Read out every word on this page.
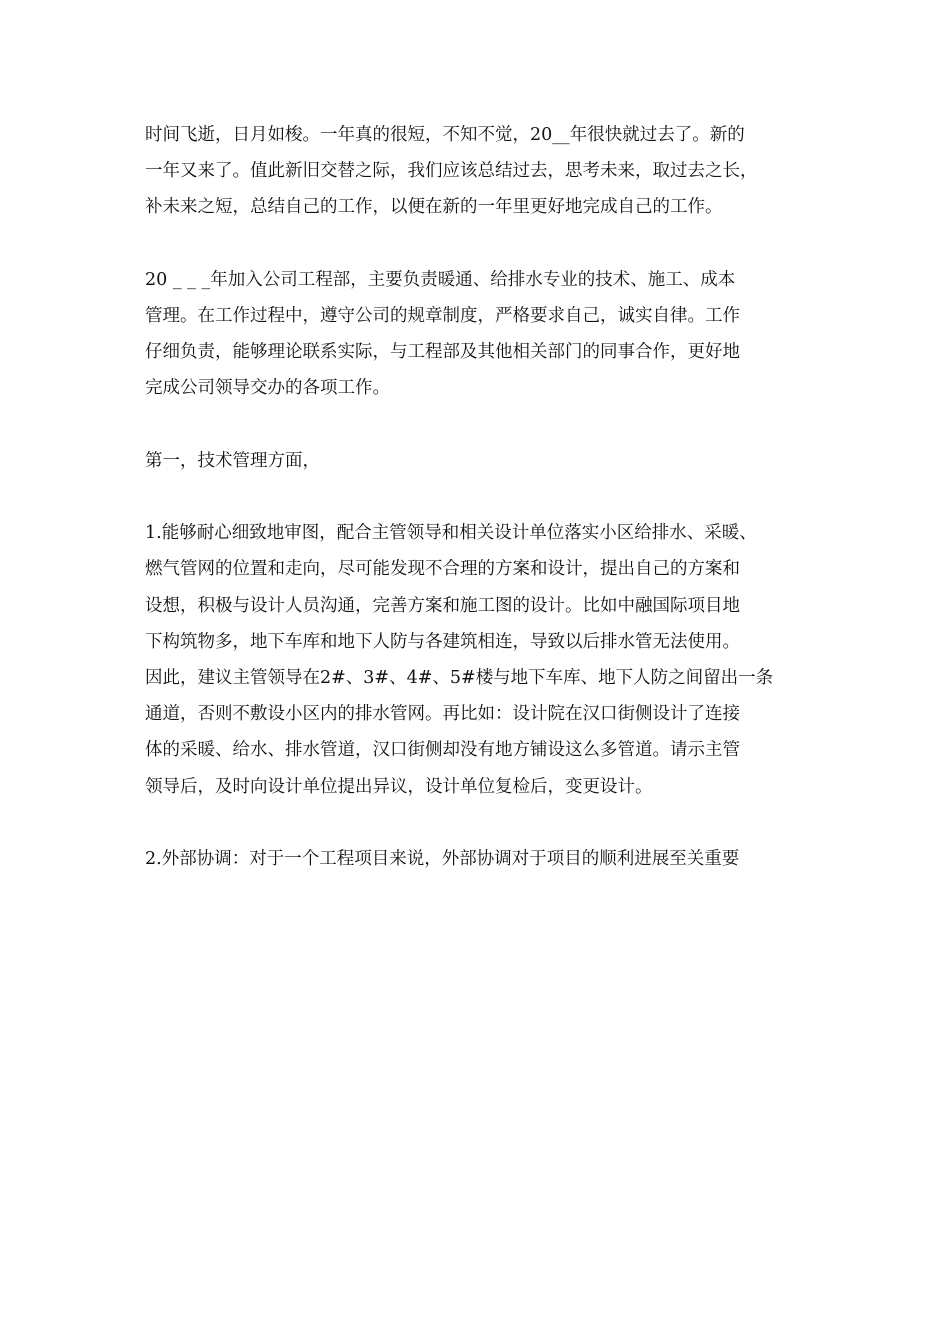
时间飞逝，日月如梭。一年真的很短，不知不觉，20__年很快就过去了。新的
一年又来了。值此新旧交替之际，我们应该总结过去，思考未来，取过去之长，
补未来之短，总结自己的工作，以便在新的一年里更好地完成自己的工作。

20 _ _ _年加入公司工程部，主要负责暖通、给排水专业的技术、施工、成本
管理。在工作过程中，遵守公司的规章制度，严格要求自己，诚实自律。工作
仔细负责，能够理论联系实际，与工程部及其他相关部门的同事合作，更好地
完成公司领导交办的各项工作。

第一，技术管理方面，

1.能够耐心细致地审图，配合主管领导和相关设计单位落实小区给排水、采暖、
燃气管网的位置和走向，尽可能发现不合理的方案和设计，提出自己的方案和
设想，积极与设计人员沟通，完善方案和施工图的设计。比如中融国际项目地
下构筑物多，地下车库和地下人防与各建筑相连，导致以后排水管无法使用。
因此，建议主管领导在2#、3#、4#、5#楼与地下车库、地下人防之间留出一条
通道，否则不敷设小区内的排水管网。再比如：设计院在汉口街侧设计了连接
体的采暖、给水、排水管道，汉口街侧却没有地方铺设这么多管道。请示主管
领导后，及时向设计单位提出异议，设计单位复检后，变更设计。

2.外部协调：对于一个工程项目来说，外部协调对于项目的顺利进展至关重要
